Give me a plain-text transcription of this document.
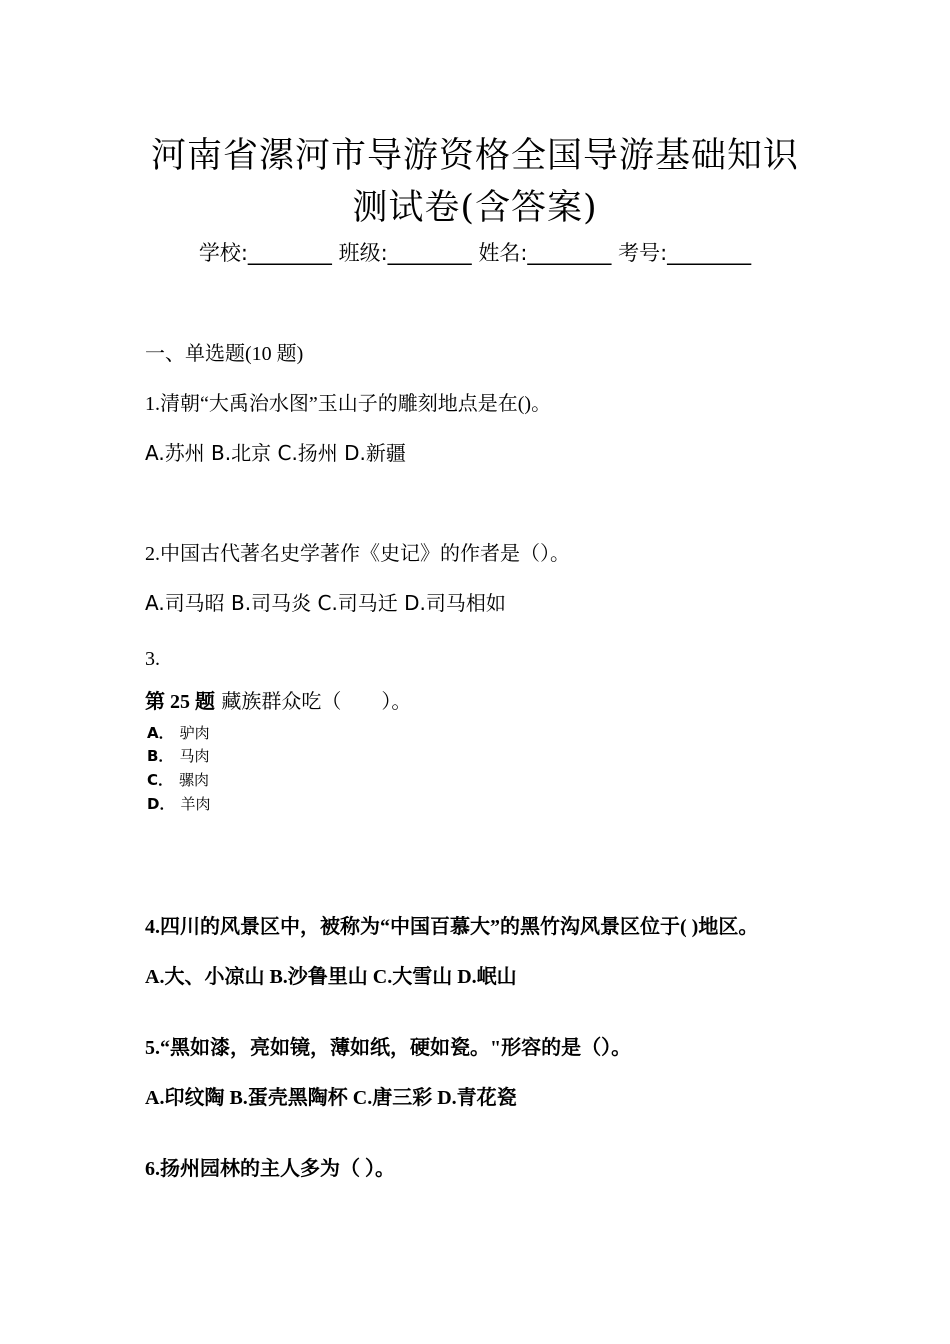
河南省漯河市导游资格全国导游基础知识
测试卷(含答案)
学校:________ 班级:________ 姓名:________ 考号:________
一、单选题(10 题)
1.清朝“大禹治水图”玉山子的雕刻地点是在()。
A.苏州 B.北京 C.扬州 D.新疆
2.中国古代著名史学著作《史记》的作者是（）。
A.司马昭 B.司马炎 C.司马迁 D.司马相如
3.
第 25 题 藏族群众吃（　　）。
A． 驴肉
B． 马肉
C． 骡肉
D． 羊肉
4.四川的风景区中，被称为“中国百慕大”的黑竹沟风景区位于( )地区。
A.大、小凉山 B.沙鲁里山 C.大雪山 D.岷山
5.“黑如漆，亮如镜，薄如纸，硬如瓷。"形容的是（）。
A.印纹陶 B.蛋壳黑陶杯 C.唐三彩 D.青花瓷
6.扬州园林的主人多为（ ）。
